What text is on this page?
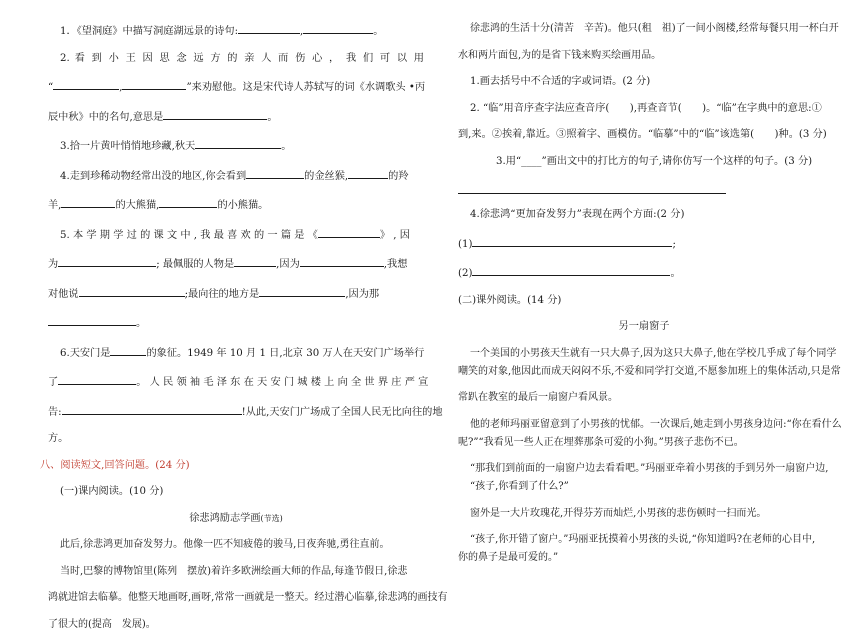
1．《望洞庭》中描写洞庭湖远景的诗句:	,	。

2. 看 到 小 王 因 思 念 远 方 的 亲 人 而 伤 心 ， 我 们 可 以 用

“	,	”来劝慰他。这是宋代诗人苏轼写的词《水调歌头 •丙

辰中秋》中的名句,意思是	。

3.拾一片黄叶悄悄地珍藏,秋天	。

4.走到珍稀动物经常出没的地区,你会看到	的金丝猴,	的羚

羊,	的大熊猫,	的小熊猫。

5. 本 学 期 学 过 的 课 文 中 , 我 最 喜 欢 的 一 篇 是 《	》 , 因

为	; 最佩服的人物是	,因为	,我想

对他说	;最向往的地方是	,因为那

。

6.天安门是	的象征。1949 年 10 月 1 日,北京 30 万人在天安门广场举行

了	。 人 民 领 袖 毛 泽 东 在 天 安 门 城 楼 上 向 全 世 界 庄 严 宣

告:	!从此,天安门广场成了全国人民无比向往的地

方。

八、阅读短文,回答问题。(24 分)

(一)课内阅读。(10 分)

徐悲鸿励志学画(节选)

此后,徐悲鸿更加奋发努力。他像一匹不知疲倦的骏马,日夜奔驰,勇往直前。

当时,巴黎的博物馆里(陈列　摆放)着许多欧洲绘画大师的作品,每逢节假日,徐悲

鸿就进馆去临摹。他整天地画呀,画呀,常常一画就是一整天。经过潜心临摹,徐悲鸿的画技有

了很大的(提高　发展)。

徐悲鸿的生活十分(清苦　辛苦)。他只(租　祖)了一间小阁楼,经常每餐只用一杯白开

水和两片面包,为的是省下钱来购买绘画用品。

1.画去括号中不合适的字或词语。(2 分)

2. “临”用音序查字法应查音序(　　),再查音节(　　)。“临”在字典中的意思:①

到,来。②挨着,靠近。③照着字、画模仿。“临摹”中的“临”该选第(　　)种。(3 分)

3.用“____”画出文中的打比方的句子,请你仿写一个这样的句子。(3 分)

4.徐悲鸿“更加奋发努力”表现在两个方面:(2 分)

(1)	;

(2)	。

(二)课外阅读。(14 分)

另一扇窗子

一个美国的小男孩天生就有一只大鼻子,因为这只大鼻子,他在学校几乎成了每个同学

嘲笑的对象,他因此而成天闷闷不乐,不爱和同学打交道,不愿参加班上的集体活动,只是常

常趴在教室的最后一扇窗户看风景。

他的老师玛丽亚留意到了小男孩的忧郁。一次课后,她走到小男孩身边问:“你在看什么

呢?”“我看见一些人正在埋葬那条可爱的小狗。”男孩子悲伤不已。

“那我们到前面的一扇窗户边去看看吧。”玛丽亚牵着小男孩的手到另外一扇窗户边,

“孩子,你看到了什么?”

窗外是一大片玫瑰花,开得芬芳而灿烂,小男孩的悲伤顿时一扫而光。

“孩子,你开错了窗户。”玛丽亚抚摸着小男孩的头说,“你知道吗?在老师的心目中,

你的鼻子是最可爱的。”
